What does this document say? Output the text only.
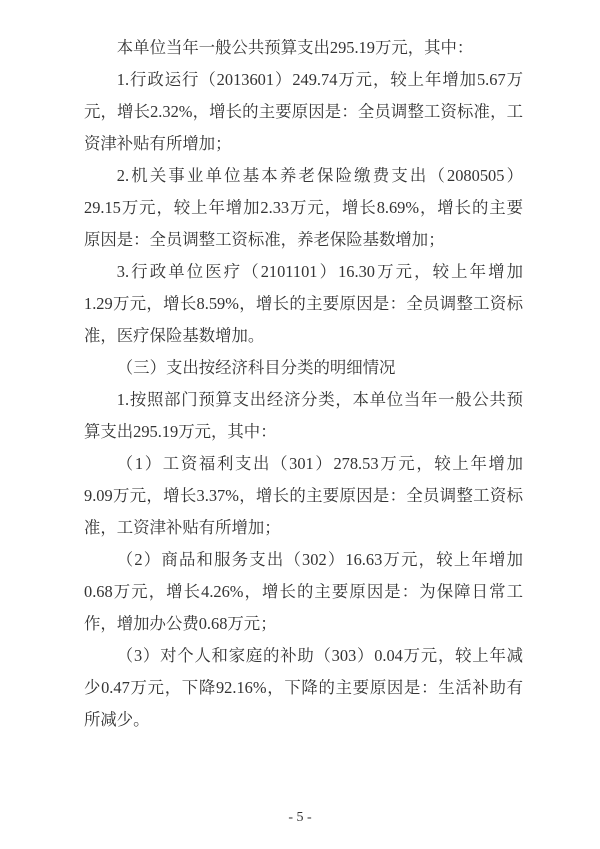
本单位当年一般公共预算支出295.19万元，其中：
1.行政运行（2013601）249.74万元，较上年增加5.67万
元，增长2.32%，增长的主要原因是：全员调整工资标准，工
资津补贴有所增加；
2.机关事业单位基本养老保险缴费支出（2080505）
29.15万元，较上年增加2.33万元，增长8.69%，增长的主要
原因是：全员调整工资标准，养老保险基数增加；
3.行政单位医疗（2101101）16.30万元，较上年增加
1.29万元，增长8.59%，增长的主要原因是：全员调整工资标
准，医疗保险基数增加。
（三）支出按经济科目分类的明细情况
1.按照部门预算支出经济分类，本单位当年一般公共预
算支出295.19万元，其中：
（1）工资福利支出（301）278.53万元，较上年增加
9.09万元，增长3.37%，增长的主要原因是：全员调整工资标
准，工资津补贴有所增加；
（2）商品和服务支出（302）16.63万元，较上年增加
0.68万元，增长4.26%，增长的主要原因是：为保障日常工
作，增加办公费0.68万元；
（3）对个人和家庭的补助（303）0.04万元，较上年减
少0.47万元，下降92.16%，下降的主要原因是：生活补助有
所减少。
- 5 -
